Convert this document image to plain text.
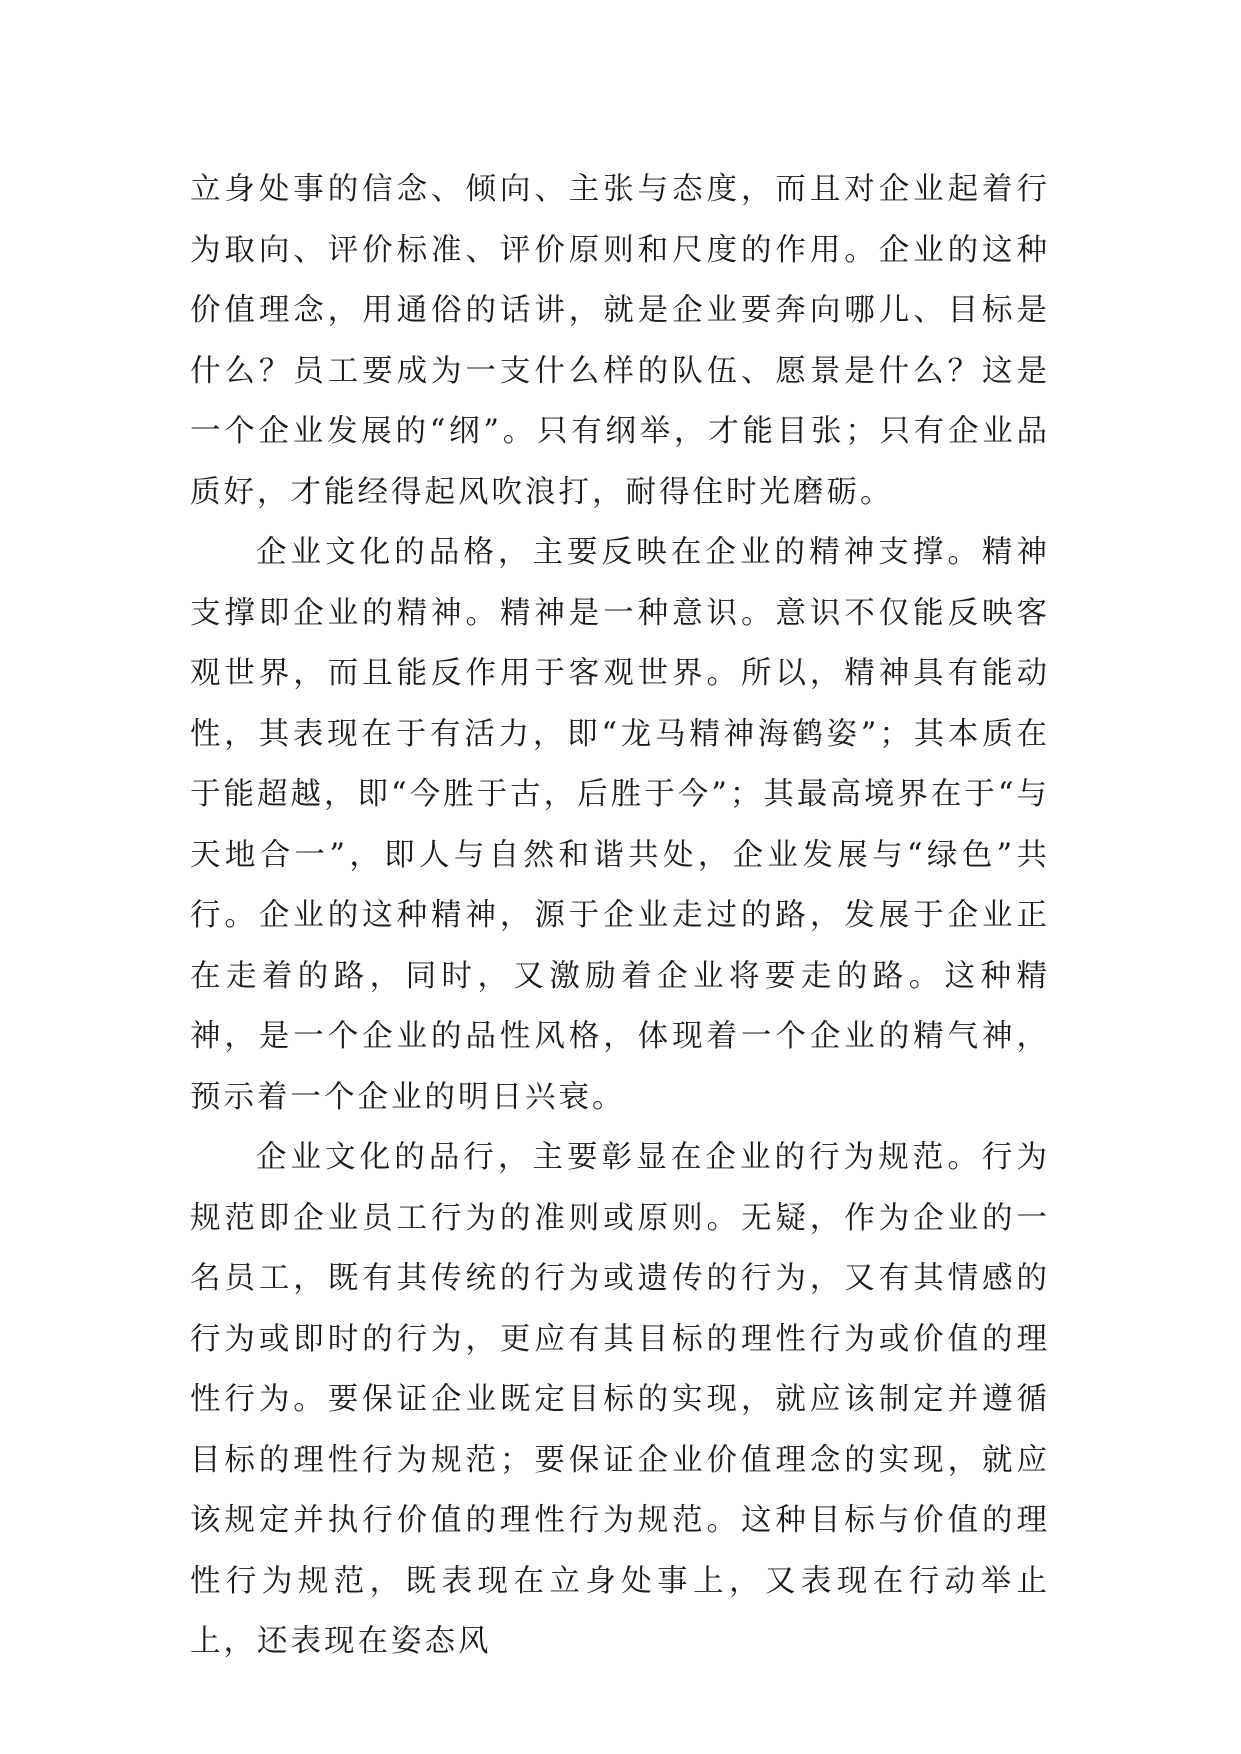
立身处事的信念、倾向、主张与态度，而且对企业起着行为取向、评价标准、评价原则和尺度的作用。企业的这种价值理念，用通俗的话讲，就是企业要奔向哪儿、目标是什么？员工要成为一支什么样的队伍、愿景是什么？这是一个企业发展的“纲”。只有纲举，才能目张；只有企业品质好，才能经得起风吹浪打，耐得住时光磨砺。

企业文化的品格，主要反映在企业的精神支撑。精神支撑即企业的精神。精神是一种意识。意识不仅能反映客观世界，而且能反作用于客观世界。所以，精神具有能动性，其表现在于有活力，即“龙马精神海鹤姿”；其本质在于能超越，即“今胜于古，后胜于今”；其最高境界在于“与天地合一”，即人与自然和谐共处，企业发展与“绿色”共行。企业的这种精神，源于企业走过的路，发展于企业正在走着的路，同时，又激励着企业将要走的路。这种精神，是一个企业的品性风格，体现着一个企业的精气神，预示着一个企业的明日兴衰。

企业文化的品行，主要彰显在企业的行为规范。行为规范即企业员工行为的准则或原则。无疑，作为企业的一名员工，既有其传统的行为或遗传的行为，又有其情感的行为或即时的行为，更应有其目标的理性行为或价值的理性行为。要保证企业既定目标的实现，就应该制定并遵循目标的理性行为规范；要保证企业价值理念的实现，就应该规定并执行价值的理性行为规范。这种目标与价值的理性行为规范，既表现在立身处事上，又表现在行动举止上，还表现在姿态风
